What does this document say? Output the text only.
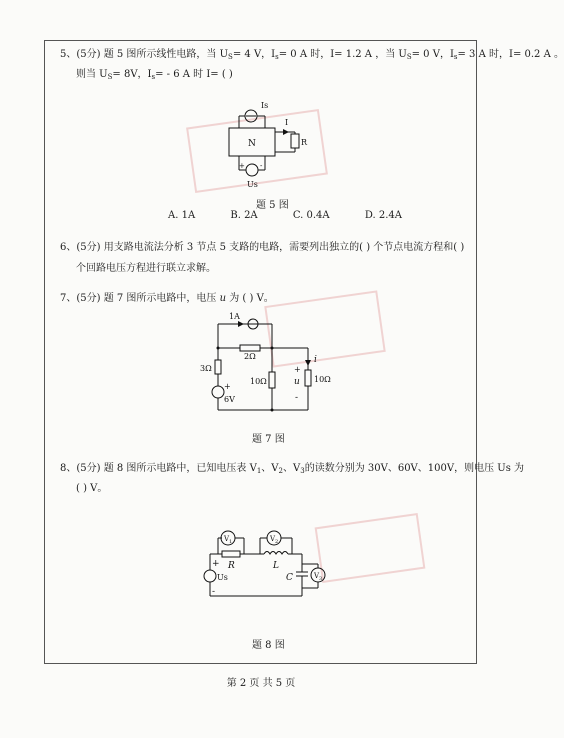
5、(5分) 题 5 图所示线性电路，当 $U_S= 4$ V，$I_s= 0$ A 时，I= 1.2 A ，当 $U_S= 0$ V，$I_s= 3$ A 时，I= 0.2 A 。
则当 $U_S= 8V$，$I_s= - 6$ A 时 I= ( )
N
Is
I
R
+ -
Us
题 5 图
A. 1A	B. 2A	C. 0.4A	D. 2.4A
6、(5分) 用支路电流法分析 3 节点 5 支路的电路，需要列出独立的( ) 个节点电流方程和( )
个回路电压方程进行联立求解。
7、(5分) 题 7 图所示电路中，电压 u 为 ( ) V。
1A
2Ω
3Ω
+
6V
10Ω
i
10Ω
+
u
-
题 7 图
8、(5分) 题 8 图所示电路中，已知电压表 $V_1$、$V_2$、$V_3$的读数分别为 30V、60V、100V，则电压 Us 为
( ) V。
+
Us
-
R	L
C
V 1	V 2
V 3
题 8 图
第 2 页 共 5 页
